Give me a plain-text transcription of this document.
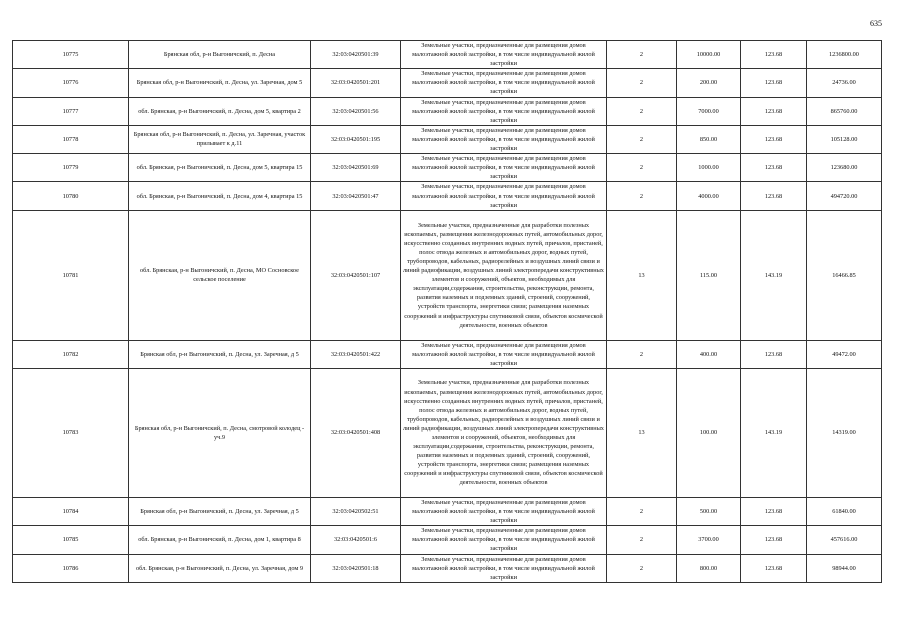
635
10775	Брянская обл, р-н Выгоничский, п. Десна	32:03:0420501:39	Земельные участки, предназначенные для размещения домов малоэтажной жилой застройки, в том числе индивидуальной жилой застройки	2	10000.00	123.68	1236800.00
10776	Брянская обл, р-н Выгоничский, п. Десна, ул. Заречная, дом 5	32:03:0420501:201	Земельные участки, предназначенные для размещения домов малоэтажной жилой застройки, в том числе индивидуальной жилой застройки	2	200.00	123.68	24736.00
10777	обл. Брянская, р-н Выгоничский, п. Десна, дом 5, квартира 2	32:03:0420501:56	Земельные участки, предназначенные для размещения домов малоэтажной жилой застройки, в том числе индивидуальной жилой застройки	2	7000.00	123.68	865760.00
10778	Брянская обл, р-н Выгоничский, п. Десна, ул. Заречная, участок прилывает к д.11	32:03:0420501:195	Земельные участки, предназначенные для размещения домов малоэтажной жилой застройки, в том числе индивидуальной жилой застройки	2	850.00	123.68	105128.00
10779	обл. Брянская, р-н Выгоничский, п. Десна, дом 5, квартира 15	32:03:0420501:69	Земельные участки, предназначенные для размещения домов малоэтажной жилой застройки, в том числе индивидуальной жилой застройки	2	1000.00	123.68	123680.00
10780	обл. Брянская, р-н Выгоничский, п. Десна, дом 4, квартира 15	32:03:0420501:47	Земельные участки, предназначенные для размещения домов малоэтажной жилой застройки, в том числе индивидуальной жилой застройки	2	4000.00	123.68	494720.00
10781	обл. Брянская, р-н Выгоничский, п. Десна, МО Сосновское сельское поселение	32:03:0420501:107	Земельные участки, предназначенные для разработки полезных ископаемых, размещения железнодорожных путей, автомобильных дорог, искусственно созданных внутренних водных путей, причалов, пристаней, полос отвода железных и автомобильных дорог, водных путей, трубопроводов, кабельных, радиорелейных и воздушных линий связи и линий радиофикации, воздушных линий электропередачи конструктивных элементов и сооружений, объектов, необходимых для эксплуатации,содержания, строительства, реконструкции, ремонта, развития наземных и подземных зданий, строений, сооружений, устройств транспорта, энергетики связи; размещения наземных сооружений и инфраструктуры спутниковой связи, объектов космической деятельности, военных объектов	13	115.00	143.19	16466.85
10782	Брянская обл, р-н Выгоничский, п. Десна, ул. Заречная, д 5	32:03:0420501:422	Земельные участки, предназначенные для размещения домов малоэтажной жилой застройки, в том числе индивидуальной жилой застройки	2	400.00	123.68	49472.00
10783	Брянская обл, р-н Выгоничский, п. Десна, смотровой колодец - уч.9	32:03:0420501:408	Земельные участки, предназначенные для разработки полезных ископаемых, размещения железнодорожных путей, автомобильных дорог, искусственно созданных внутренних водных путей, причалов, пристаней, полос отвода железных и автомобильных дорог, водных путей, трубопроводов, кабельных, радиорелейных и воздушных линий связи и линий радиофикации, воздушных линий электропередачи конструктивных элементов и сооружений, объектов, необходимых для эксплуатации,содержания, строительства, реконструкции, ремонта, развития наземных и подземных зданий, строений, сооружений, устройств транспорта, энергетики связи; размещения наземных сооружений и инфраструктуры спутниковой связи, объектов космической деятельности, военных объектов	13	100.00	143.19	14319.00
10784	Брянская обл, р-н Выгоничский, п. Десна, ул. Заречная, д 5	32:03:0420502:51	Земельные участки, предназначенные для размещения домов малоэтажной жилой застройки, в том числе индивидуальной жилой застройки	2	500.00	123.68	61840.00
10785	обл. Брянская, р-н Выгоничский, п. Десна, дом 1, квартира 8	32:03:0420501:6	Земельные участки, предназначенные для размещения домов малоэтажной жилой застройки, в том числе индивидуальной жилой застройки	2	3700.00	123.68	457616.00
10786	обл. Брянская, р-н Выгоничский, п. Десна, ул. Заречная, дом 9	32:03:0420501:18	Земельные участки, предназначенные для размещения домов малоэтажной жилой застройки, в том числе индивидуальной жилой застройки	2	800.00	123.68	98944.00
